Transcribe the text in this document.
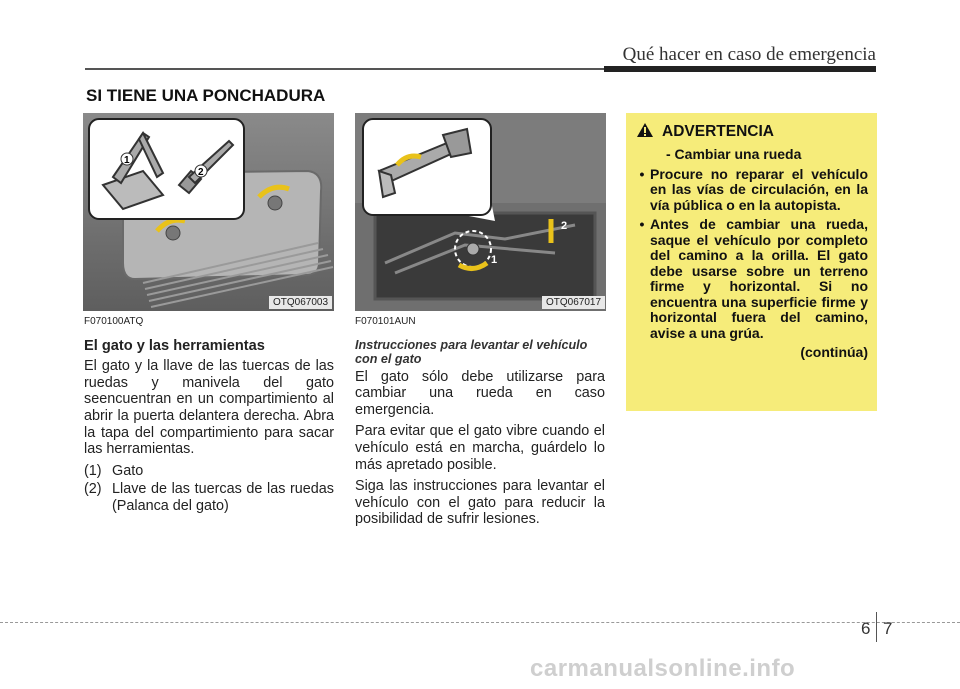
Qué hacer en caso de emergencia
SI TIENE UNA PONCHADURA
1
2
OTQ067003
1
2
OTQ067017
F070100ATQ
El gato y las herramientas

El gato y la llave de las tuercas de las ruedas y manivela del gato seencuentran en un compartimiento al abrir la puerta delantera derecha. Abra la tapa del compartimiento para sacar las herramientas.

(1) Gato
(2) Llave de las tuercas de las ruedas (Palanca del gato)
F070101AUN
Instrucciones para levantar el vehículo con el gato

El gato sólo debe utilizarse para cambiar una rueda en caso emergencia.

Para evitar que el gato vibre cuando el vehículo está en marcha, guárdelo lo más apretado posible.

Siga las instrucciones para levantar el vehículo con el gato para reducir la posibilidad de sufrir lesiones.

ADVERTENCIA
- Cambiar una rueda
• Procure no reparar el vehículo en las vías de circulación, en la vía pública o en la autopista.
• Antes de cambiar una rueda, saque el vehículo por completo del camino a la orilla. El gato debe usarse sobre un terreno firme y horizontal. Si no encuentra una superficie firme y horizontal fuera del camino, avise a una grúa.
(continúa)
6 7
carmanualsonline.info
